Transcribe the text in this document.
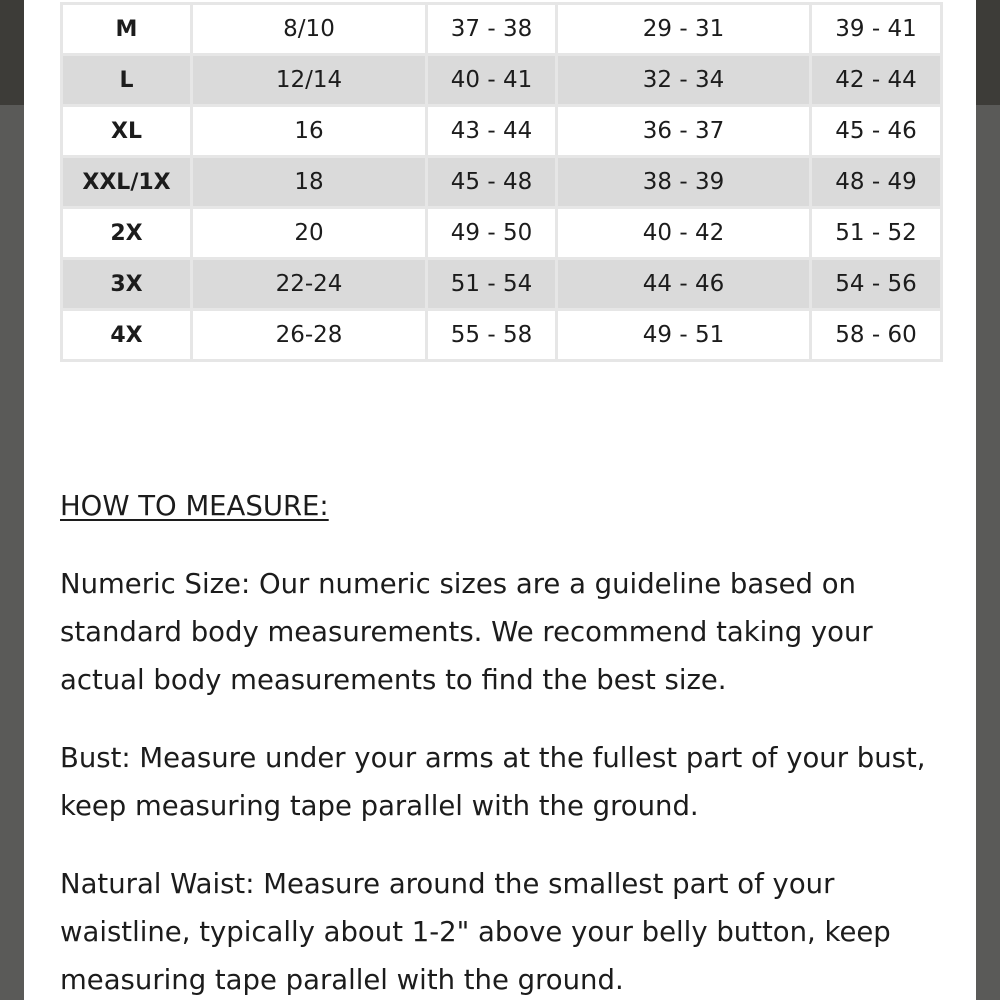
M	8/10	37 - 38	29 - 31	39 - 41
L	12/14	40 - 41	32 - 34	42 - 44
XL	16	43 - 44	36 - 37	45 - 46
XXL/1X	18	45 - 48	38 - 39	48 - 49
2X	20	49 - 50	40 - 42	51 - 52
3X	22-24	51 - 54	44 - 46	54 - 56
4X	26-28	55 - 58	49 - 51	58 - 60
HOW TO MEASURE:

Numeric Size: Our numeric sizes are a guideline based on standard body measurements. We recommend taking your actual body measurements to find the best size.

Bust: Measure under your arms at the fullest part of your bust, keep measuring tape parallel with the ground.

Natural Waist: Measure around the smallest part of your waistline, typically about 1-2" above your belly button, keep measuring tape parallel with the ground.
